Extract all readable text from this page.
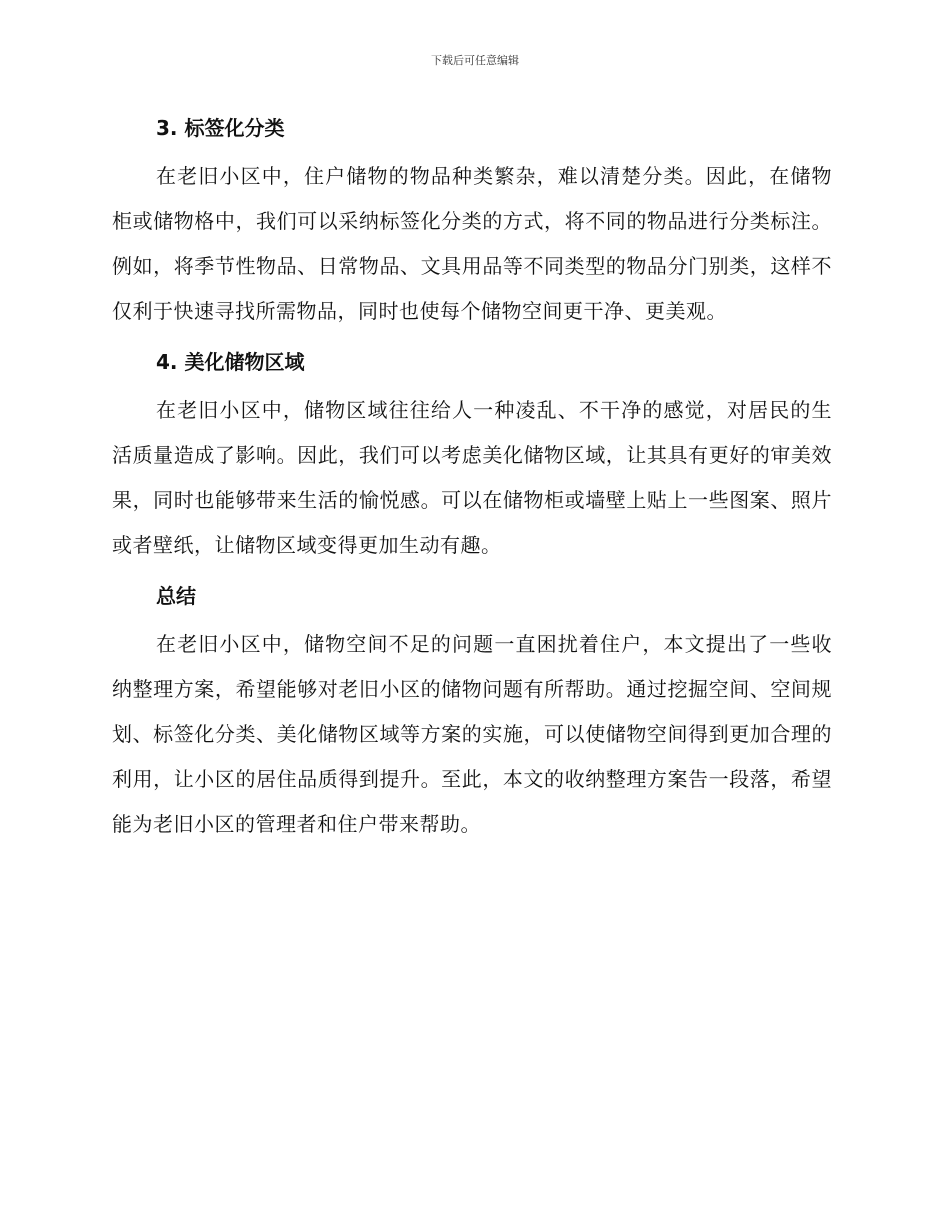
下载后可任意编辑
3. 标签化分类

在老旧小区中，住户储物的物品种类繁杂，难以清楚分类。因此，在储物柜或储物格中，我们可以采纳标签化分类的方式，将不同的物品进行分类标注。例如，将季节性物品、日常物品、文具用品等不同类型的物品分门别类，这样不仅利于快速寻找所需物品，同时也使每个储物空间更干净、更美观。

4. 美化储物区域

在老旧小区中，储物区域往往给人一种凌乱、不干净的感觉，对居民的生活质量造成了影响。因此，我们可以考虑美化储物区域，让其具有更好的审美效果，同时也能够带来生活的愉悦感。可以在储物柜或墙壁上贴上一些图案、照片或者壁纸，让储物区域变得更加生动有趣。

总结

在老旧小区中，储物空间不足的问题一直困扰着住户，本文提出了一些收纳整理方案，希望能够对老旧小区的储物问题有所帮助。通过挖掘空间、空间规划、标签化分类、美化储物区域等方案的实施，可以使储物空间得到更加合理的利用，让小区的居住品质得到提升。至此，本文的收纳整理方案告一段落，希望能为老旧小区的管理者和住户带来帮助。
